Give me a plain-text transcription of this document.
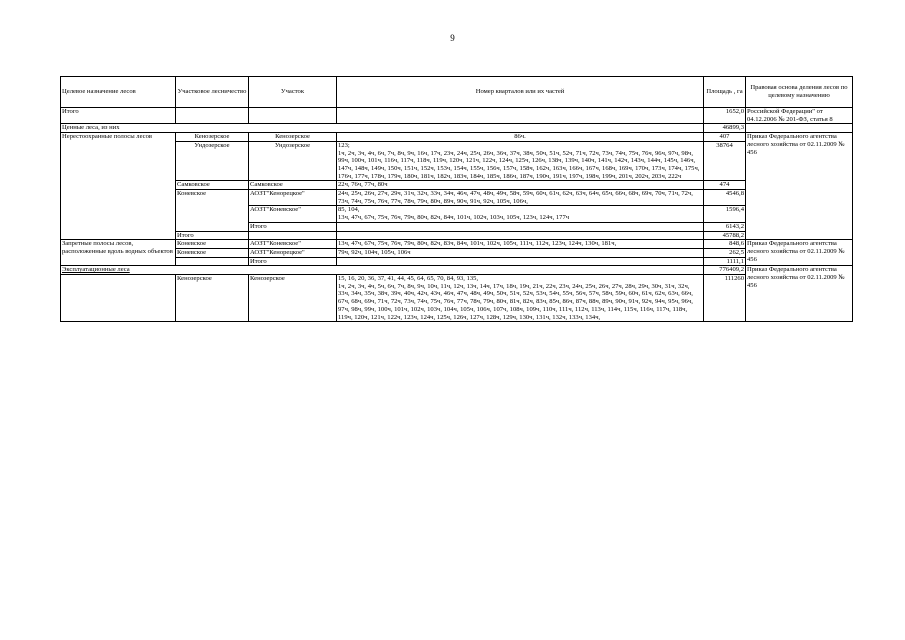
9
Целевое назначение лесов	Участковое лесничество	Участок	Номер кварталов или их частей	Площадь , га	Правовая основа деления лесов по целевому назначению
Итого				1652,0	Российской Федерации" от 04.12.2006 № 201-ФЗ, статья 8
Ценные леса, из них				46899,3	
Нерестоохранные полосы лесов	Кенозерское	Кенозерское	86ч.	407	Приказ Федерального агентства лесного хозяйства от 02.11.2009 № 456
	Ундозерское	Ундозерское	123;
1ч, 2ч, 3ч, 4ч, 6ч, 7ч, 8ч, 9ч, 16ч, 17ч, 23ч, 24ч, 25ч, 26ч, 36ч, 37ч, 38ч, 50ч, 51ч, 52ч, 71ч, 72ч, 73ч, 74ч, 75ч, 76ч, 96ч, 97ч, 98ч, 99ч, 100ч, 101ч, 116ч, 117ч, 118ч, 119ч, 120ч, 121ч, 122ч, 124ч, 125ч, 126ч, 138ч, 139ч, 140ч, 141ч, 142ч, 143ч, 144ч, 145ч, 146ч, 147ч, 148ч, 149ч, 150ч, 151ч, 152ч, 153ч, 154ч, 155ч, 156ч, 157ч, 158ч, 162ч, 163ч, 166ч, 167ч, 168ч, 169ч, 170ч, 173ч, 174ч, 175ч, 176ч, 177ч, 178ч, 179ч, 180ч, 181ч, 182ч, 183ч, 184ч, 185ч, 186ч, 187ч, 190ч, 191ч, 197ч, 198ч, 199ч, 201ч, 202ч, 203ч, 222ч	38764	
	Самковское	Самковское	22ч, 76ч, 77ч, 80ч	474	
	Коневское	АОЗТ"Кенорецкое"	24ч, 25ч, 26ч, 27ч, 29ч, 31ч, 32ч, 33ч, 34ч, 46ч, 47ч, 48ч, 49ч, 58ч, 59ч, 60ч, 61ч, 62ч, 63ч, 64ч, 65ч, 66ч, 68ч, 69ч, 70ч, 71ч, 72ч, 73ч, 74ч, 75ч, 76ч, 77ч, 78ч, 79ч, 80ч, 89ч, 90ч, 91ч, 92ч, 105ч, 106ч,	4546,8	
		АОЗТ"Коневское"	85, 104,
13ч, 47ч, 67ч, 75ч, 76ч, 79ч, 80ч, 82ч, 84ч, 101ч, 102ч, 103ч, 105ч, 123ч, 124ч, 177ч	1596,4	
		Итого		6143,2	
	Итого			45788,2	
Запретные полосы лесов, расположенные вдоль водных объектов	Коневское	АОЗТ"Коневское"	13ч, 47ч, 67ч, 75ч, 76ч, 79ч, 80ч, 82ч, 83ч, 84ч, 101ч, 102ч, 105ч, 111ч, 112ч, 123ч, 124ч, 130ч, 181ч,	848,6	Приказ Федерального агентства лесного хозяйства от 02.11.2009 № 456
	Коневское	АОЗТ"Кенорецкое"	79ч, 92ч, 104ч, 105ч, 106ч	262,5	
		Итого		1111,1	
Эксплуатационные леса				776409,2	Приказ Федерального агентства лесного хозяйства от 02.11.2009 № 456
	Кенозерское	Кенозерское	15, 16, 20, 36, 37, 41, 44, 45, 64, 65, 70, 84, 93, 135,
1ч, 2ч, 3ч, 4ч, 5ч, 6ч, 7ч, 8ч, 9ч, 10ч, 11ч, 12ч, 13ч, 14ч, 17ч, 18ч, 19ч, 21ч, 22ч, 23ч, 24ч, 25ч, 26ч, 27ч, 28ч, 29ч, 30ч, 31ч, 32ч, 33ч, 34ч, 35ч, 38ч, 39ч, 40ч, 42ч, 43ч, 46ч, 47ч, 48ч, 49ч, 50ч, 51ч, 52ч, 53ч, 54ч, 55ч, 56ч, 57ч, 58ч, 59ч, 60ч, 61ч, 62ч, 63ч, 66ч, 67ч, 68ч, 69ч, 71ч, 72ч, 73ч, 74ч, 75ч, 76ч, 77ч, 78ч, 79ч, 80ч, 81ч, 82ч, 83ч, 85ч, 86ч, 87ч, 88ч, 89ч, 90ч, 91ч, 92ч, 94ч, 95ч, 96ч, 97ч, 98ч, 99ч, 100ч, 101ч, 102ч, 103ч, 104ч, 105ч, 106ч, 107ч, 108ч, 109ч, 110ч, 111ч, 112ч, 113ч, 114ч, 115ч, 116ч, 117ч, 118ч, 119ч, 120ч, 121ч, 122ч, 123ч, 124ч, 125ч, 126ч, 127ч, 128ч, 129ч, 130ч, 131ч, 132ч, 133ч, 134ч,	111260	
